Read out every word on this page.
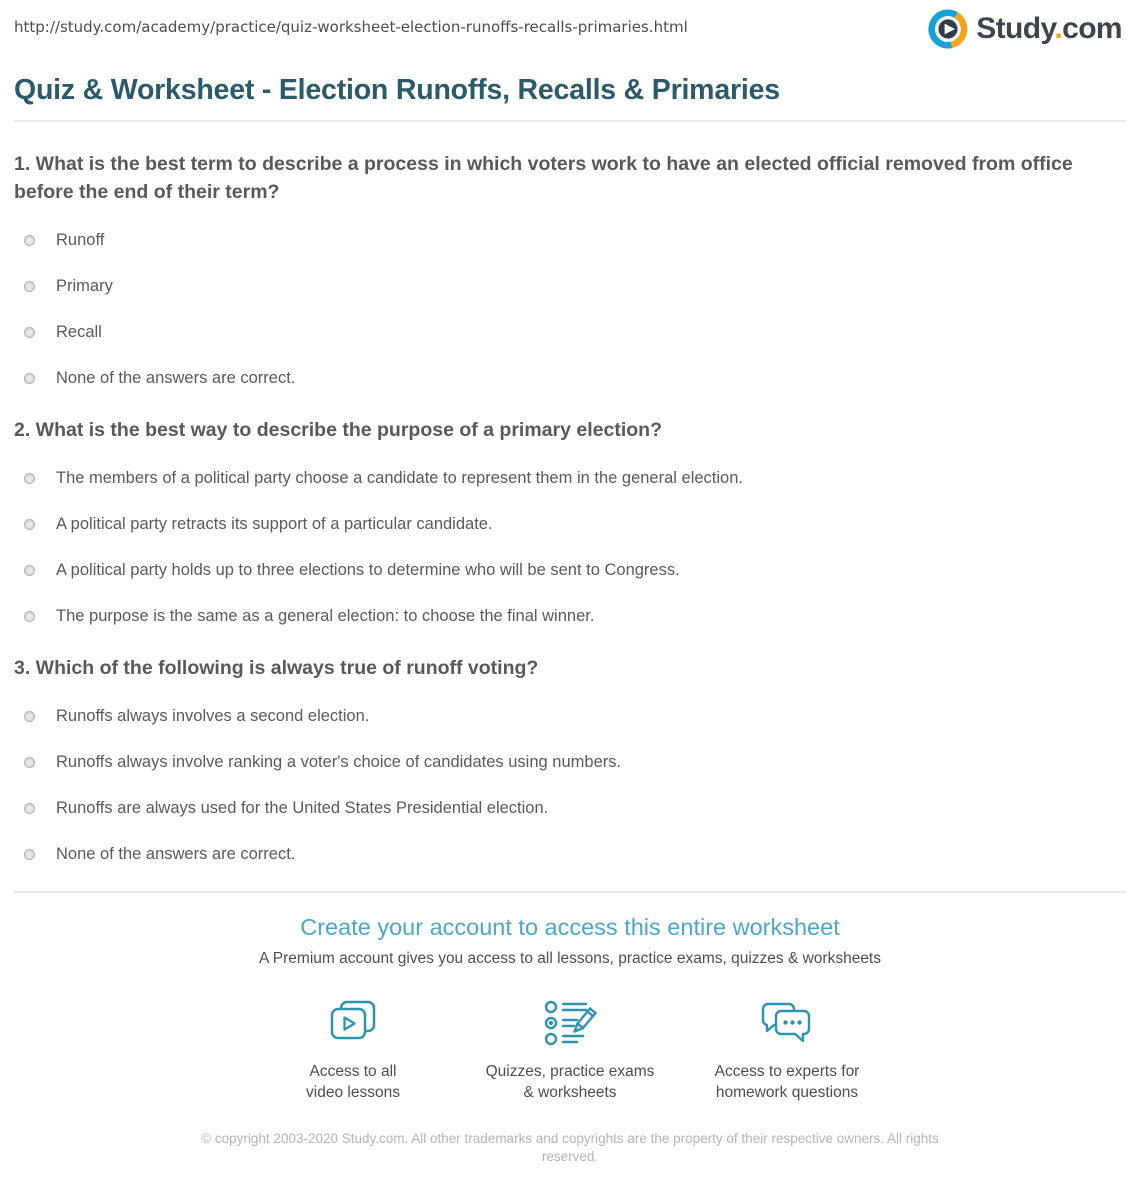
http://study.com/academy/practice/quiz-worksheet-election-runoffs-recalls-primaries.html	Study.com
Quiz & Worksheet - Election Runoffs, Recalls & Primaries
1. What is the best term to describe a process in which voters work to have an elected official removed from office before the end of their term?
Runoff
Primary
Recall
None of the answers are correct.
2. What is the best way to describe the purpose of a primary election?
The members of a political party choose a candidate to represent them in the general election.
A political party retracts its support of a particular candidate.
A political party holds up to three elections to determine who will be sent to Congress.
The purpose is the same as a general election: to choose the final winner.
3. Which of the following is always true of runoff voting?
Runoffs always involves a second election.
Runoffs always involve ranking a voter's choice of candidates using numbers.
Runoffs are always used for the United States Presidential election.
None of the answers are correct.
Create your account to access this entire worksheet
A Premium account gives you access to all lessons, practice exams, quizzes & worksheets
Access to all
video lessons
Quizzes, practice exams
& worksheets
Access to experts for
homework questions
© copyright 2003-2020 Study.com. All other trademarks and copyrights are the property of their respective owners. All rights reserved.
